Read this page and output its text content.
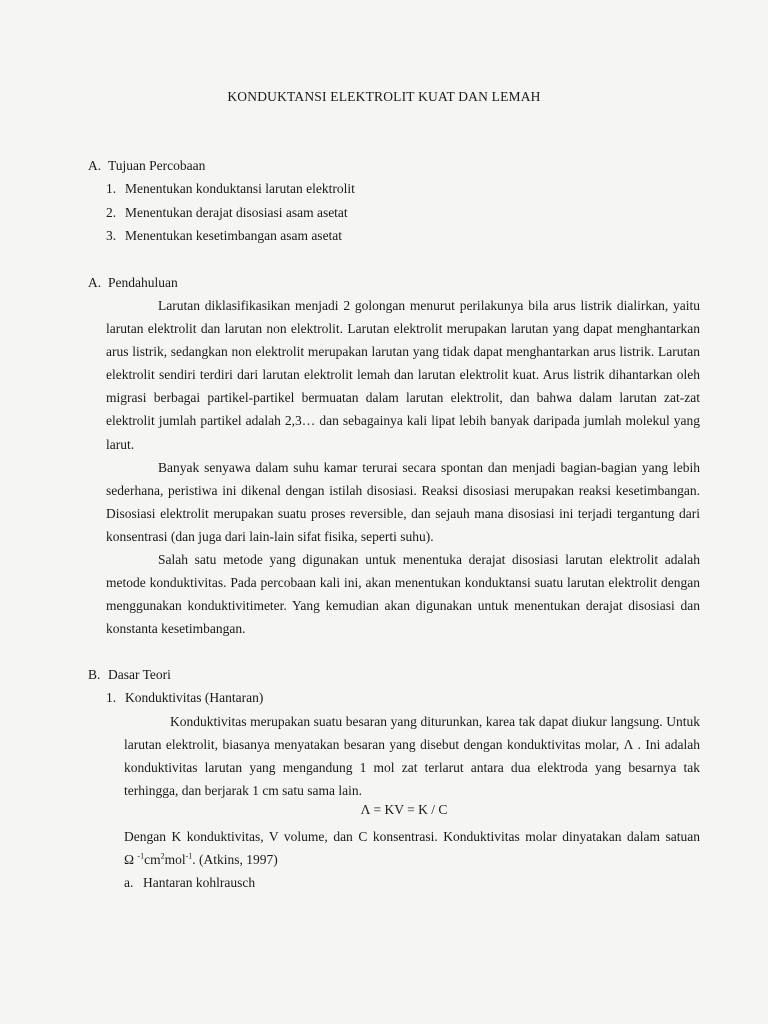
KONDUKTANSI ELEKTROLIT KUAT DAN LEMAH
A. Tujuan Percobaan
1. Menentukan konduktansi larutan elektrolit
2. Menentukan derajat disosiasi asam asetat
3. Menentukan kesetimbangan asam asetat
A. Pendahuluan

Larutan diklasifikasikan menjadi 2 golongan menurut perilakunya bila arus listrik dialirkan, yaitu larutan elektrolit dan larutan non elektrolit. Larutan elektrolit merupakan larutan yang dapat menghantarkan arus listrik, sedangkan non elektrolit merupakan larutan yang tidak dapat menghantarkan arus listrik. Larutan elektrolit sendiri terdiri dari larutan elektrolit lemah dan larutan elektrolit kuat. Arus listrik dihantarkan oleh migrasi berbagai partikel-partikel bermuatan dalam larutan elektrolit, dan bahwa dalam larutan zat-zat elektrolit jumlah partikel adalah 2,3… dan sebagainya kali lipat lebih banyak daripada jumlah molekul yang larut.

Banyak senyawa dalam suhu kamar terurai secara spontan dan menjadi bagian-bagian yang lebih sederhana, peristiwa ini dikenal dengan istilah disosiasi. Reaksi disosiasi merupakan reaksi kesetimbangan. Disosiasi elektrolit merupakan suatu proses reversible, dan sejauh mana disosiasi ini terjadi tergantung dari konsentrasi (dan juga dari lain-lain sifat fisika, seperti suhu).

Salah satu metode yang digunakan untuk menentuka derajat disosiasi larutan elektrolit adalah metode konduktivitas. Pada percobaan kali ini, akan menentukan konduktansi suatu larutan elektrolit dengan menggunakan konduktivitimeter. Yang kemudian akan digunakan untuk menentukan derajat disosiasi dan konstanta kesetimbangan.

B. Dasar Teori
1. Konduktivitas (Hantaran)

Konduktivitas merupakan suatu besaran yang diturunkan, karea tak dapat diukur langsung. Untuk larutan elektrolit, biasanya menyatakan besaran yang disebut dengan konduktivitas molar, Λ . Ini adalah konduktivitas larutan yang mengandung 1 mol zat terlarut antara dua elektroda yang besarnya tak terhingga, dan berjarak 1 cm satu sama lain.

Λ = KV = K / C

Dengan K konduktivitas, V volume, dan C konsentrasi. Konduktivitas molar dinyatakan dalam satuan

Ω $^{-1}cm^2mol^{-1}$. (Atkins, 1997)

a. Hantaran kohlrausch
